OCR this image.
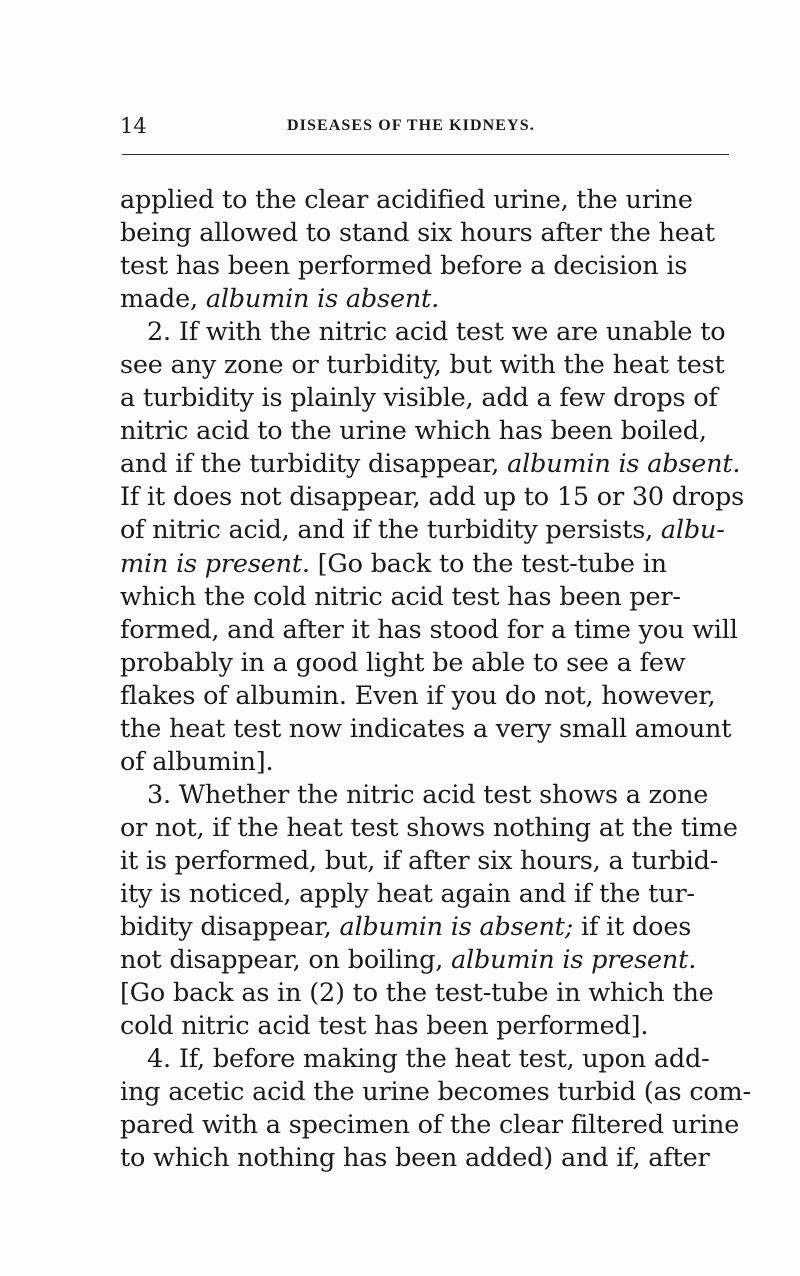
14	DISEASES OF THE KIDNEYS.
applied to the clear acidified urine, the urine
being allowed to stand six hours after the heat
test has been performed before a decision is
made, albumin is absent.
2. If with the nitric acid test we are unable to
see any zone or turbidity, but with the heat test
a turbidity is plainly visible, add a few drops of
nitric acid to the urine which has been boiled,
and if the turbidity disappear, albumin is absent.
If it does not disappear, add up to 15 or 30 drops
of nitric acid, and if the turbidity persists, albu-
min is present. [Go back to the test-tube in
which the cold nitric acid test has been per-
formed, and after it has stood for a time you will
probably in a good light be able to see a few
flakes of albumin. Even if you do not, however,
the heat test now indicates a very small amount
of albumin].
3. Whether the nitric acid test shows a zone
or not, if the heat test shows nothing at the time
it is performed, but, if after six hours, a turbid-
ity is noticed, apply heat again and if the tur-
bidity disappear, albumin is absent; if it does
not disappear, on boiling, albumin is present.
[Go back as in (2) to the test-tube in which the
cold nitric acid test has been performed].
4. If, before making the heat test, upon add-
ing acetic acid the urine becomes turbid (as com-
pared with a specimen of the clear filtered urine
to which nothing has been added) and if, after
